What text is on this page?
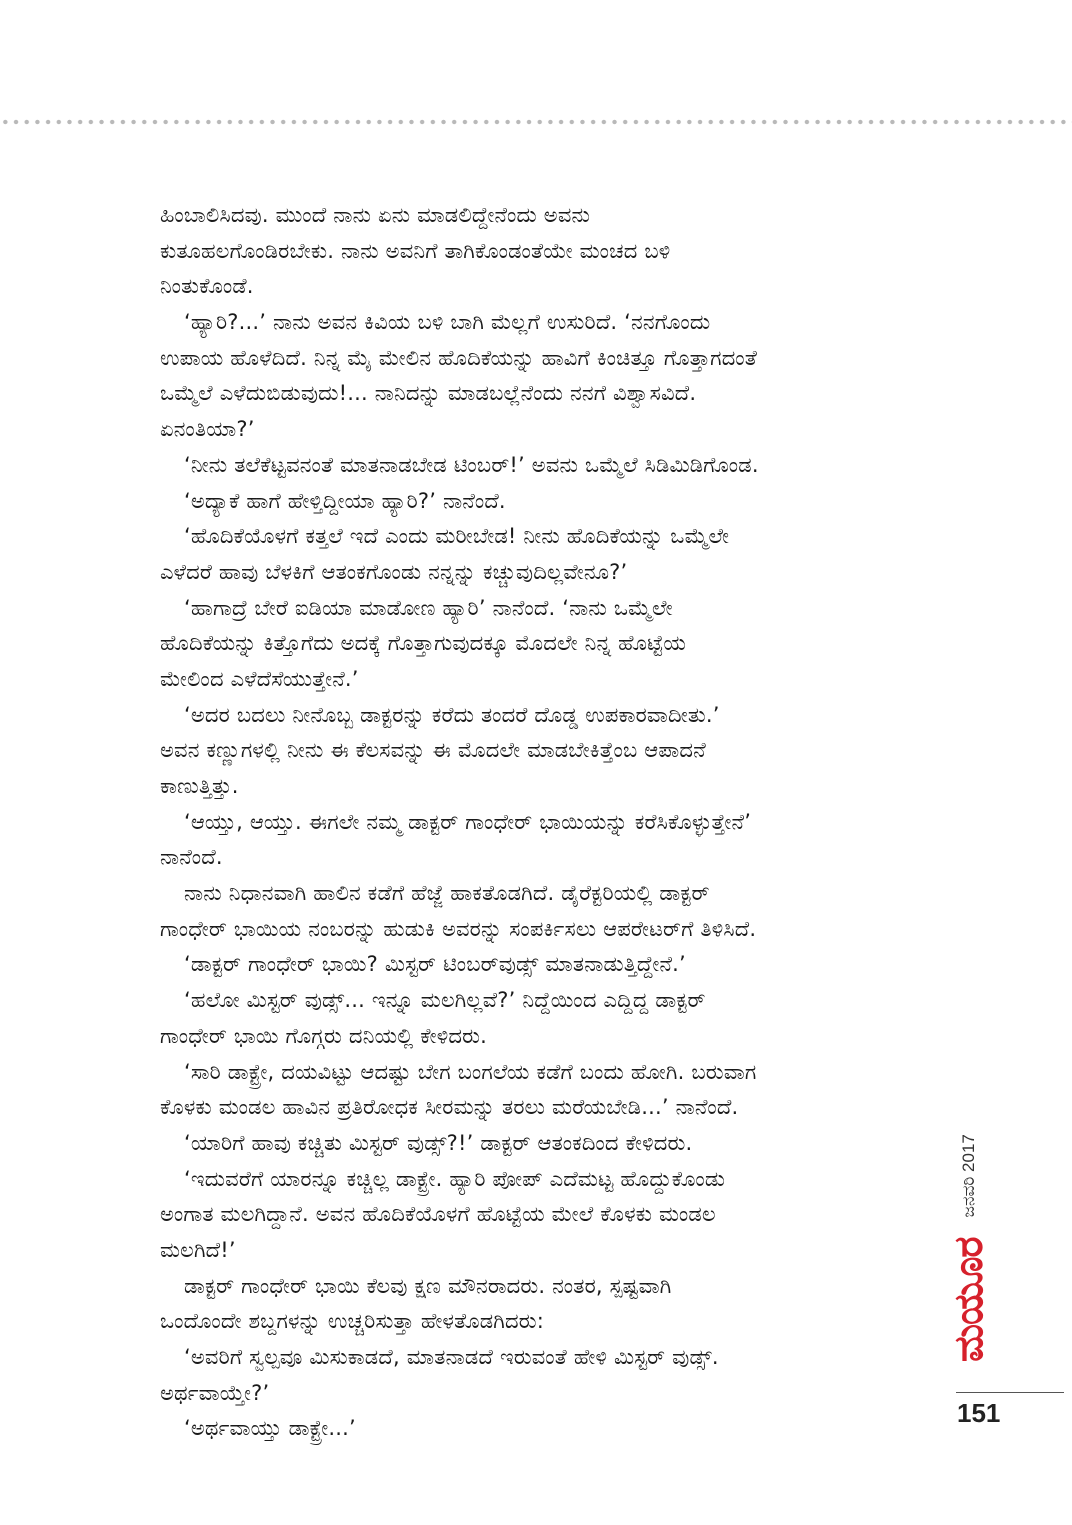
ಹಿಂಬಾಲಿಸಿದವು. ಮುಂದೆ ನಾನು ಏನು ಮಾಡಲಿದ್ದೇನೆಂದು ಅವನು
ಕುತೂಹಲಗೊಂಡಿರಬೇಕು. ನಾನು ಅವನಿಗೆ ತಾಗಿಕೊಂಡಂತೆಯೇ ಮಂಚದ ಬಳಿ
ನಿಂತುಕೊಂಡೆ.
‘ಹ್ಯಾರಿ?...’ ನಾನು ಅವನ ಕಿವಿಯ ಬಳಿ ಬಾಗಿ ಮೆಲ್ಲಗೆ ಉಸುರಿದೆ. ‘ನನಗೊಂದು
ಉಪಾಯ ಹೊಳೆದಿದೆ. ನಿನ್ನ ಮೈ ಮೇಲಿನ ಹೊದಿಕೆಯನ್ನು ಹಾವಿಗೆ ಕಿಂಚಿತ್ತೂ ಗೊತ್ತಾಗದಂತೆ
ಒಮ್ಮೆಲೆ ಎಳೆದುಬಿಡುವುದು!... ನಾನಿದನ್ನು ಮಾಡಬಲ್ಲೆನೆಂದು ನನಗೆ ವಿಶ್ವಾಸವಿದೆ.
ಏನಂತಿಯಾ?’
‘ನೀನು ತಲೆಕೆಟ್ಟವನಂತೆ ಮಾತನಾಡಬೇಡ ಟಿಂಬರ್!’ ಅವನು ಒಮ್ಮೆಲೆ ಸಿಡಿಮಿಡಿಗೊಂಡ.
‘ಅದ್ಯಾಕೆ ಹಾಗೆ ಹೇಳ್ತಿದ್ದೀಯಾ ಹ್ಯಾರಿ?’ ನಾನೆಂದೆ.
‘ಹೊದಿಕೆಯೊಳಗೆ ಕತ್ತಲೆ ಇದೆ ಎಂದು ಮರೀಬೇಡ! ನೀನು ಹೊದಿಕೆಯನ್ನು ಒಮ್ಮೆಲೇ
ಎಳೆದರೆ ಹಾವು ಬೆಳಕಿಗೆ ಆತಂಕಗೊಂಡು ನನ್ನನ್ನು ಕಚ್ಚುವುದಿಲ್ಲವೇನೂ?’
‘ಹಾಗಾದ್ರೆ ಬೇರೆ ಐಡಿಯಾ ಮಾಡೋಣ ಹ್ಯಾರಿ’ ನಾನೆಂದೆ. ‘ನಾನು ಒಮ್ಮೆಲೇ
ಹೊದಿಕೆಯನ್ನು ಕಿತ್ತೊಗೆದು ಅದಕ್ಕೆ ಗೊತ್ತಾಗುವುದಕ್ಕೂ ಮೊದಲೇ ನಿನ್ನ ಹೊಟ್ಟೆಯ
ಮೇಲಿಂದ ಎಳೆದೆಸೆಯುತ್ತೇನೆ.’
‘ಅದರ ಬದಲು ನೀನೊಬ್ಬ ಡಾಕ್ಟರನ್ನು ಕರೆದು ತಂದರೆ ದೊಡ್ಡ ಉಪಕಾರವಾದೀತು.’
ಅವನ ಕಣ್ಣುಗಳಲ್ಲಿ ನೀನು ಈ ಕೆಲಸವನ್ನು ಈ ಮೊದಲೇ ಮಾಡಬೇಕಿತ್ತೆಂಬ ಆಪಾದನೆ
ಕಾಣುತ್ತಿತ್ತು.
‘ಆಯ್ತು, ಆಯ್ತು. ಈಗಲೇ ನಮ್ಮ ಡಾಕ್ಟರ್ ಗಾಂಧೇರ್ ಭಾಯಿಯನ್ನು ಕರೆಸಿಕೊಳ್ಳುತ್ತೇನೆ’
ನಾನೆಂದೆ.
ನಾನು ನಿಧಾನವಾಗಿ ಹಾಲಿನ ಕಡೆಗೆ ಹೆಜ್ಜೆ ಹಾಕತೊಡಗಿದೆ. ಡೈರೆಕ್ಟರಿಯಲ್ಲಿ ಡಾಕ್ಟರ್
ಗಾಂಧೇರ್ ಭಾಯಿಯ ನಂಬರನ್ನು ಹುಡುಕಿ ಅವರನ್ನು ಸಂಪರ್ಕಿಸಲು ಆಪರೇಟರ್‌ಗೆ ತಿಳಿಸಿದೆ.
‘ಡಾಕ್ಟರ್ ಗಾಂಧೇರ್ ಭಾಯಿ? ಮಿಸ್ಟರ್ ಟಿಂಬರ್‌ವುಡ್ಸ್ ಮಾತನಾಡುತ್ತಿದ್ದೇನೆ.’
‘ಹಲೋ ಮಿಸ್ಟರ್ ವುಡ್ಸ್... ಇನ್ನೂ ಮಲಗಿಲ್ಲವೆ?’ ನಿದ್ದೆಯಿಂದ ಎದ್ದಿದ್ದ ಡಾಕ್ಟರ್
ಗಾಂಧೇರ್ ಭಾಯಿ ಗೊಗ್ಗರು ದನಿಯಲ್ಲಿ ಕೇಳಿದರು.
‘ಸಾರಿ ಡಾಕ್ಟ್ರೇ, ದಯವಿಟ್ಟು ಆದಷ್ಟು ಬೇಗ ಬಂಗಲೆಯ ಕಡೆಗೆ ಬಂದು ಹೋಗಿ. ಬರುವಾಗ
ಕೊಳಕು ಮಂಡಲ ಹಾವಿನ ಪ್ರತಿರೋಧಕ ಸೀರಮನ್ನು ತರಲು ಮರೆಯಬೇಡಿ...’ ನಾನೆಂದೆ.
‘ಯಾರಿಗೆ ಹಾವು ಕಚ್ಚಿತು ಮಿಸ್ಟರ್ ವುಡ್ಸ್?!’ ಡಾಕ್ಟರ್ ಆತಂಕದಿಂದ ಕೇಳಿದರು.
‘ಇದುವರೆಗೆ ಯಾರನ್ನೂ ಕಚ್ಚಿಲ್ಲ ಡಾಕ್ಟ್ರೇ. ಹ್ಯಾರಿ ಪೋಪ್ ಎದೆಮಟ್ಟ ಹೊದ್ದುಕೊಂಡು
ಅಂಗಾತ ಮಲಗಿದ್ದಾನೆ. ಅವನ ಹೊದಿಕೆಯೊಳಗೆ ಹೊಟ್ಟೆಯ ಮೇಲೆ ಕೊಳಕು ಮಂಡಲ
ಮಲಗಿದೆ!’
ಡಾಕ್ಟರ್ ಗಾಂಧೇರ್ ಭಾಯಿ ಕೆಲವು ಕ್ಷಣ ಮೌನರಾದರು. ನಂತರ, ಸ್ಪಷ್ಟವಾಗಿ
ಒಂದೊಂದೇ ಶಬ್ದಗಳನ್ನು ಉಚ್ಚರಿಸುತ್ತಾ ಹೇಳತೊಡಗಿದರು:
‘ಅವರಿಗೆ ಸ್ವಲ್ಪವೂ ಮಿಸುಕಾಡದೆ, ಮಾತನಾಡದೆ ಇರುವಂತೆ ಹೇಳಿ ಮಿಸ್ಟರ್ ವುಡ್ಸ್.
ಅರ್ಥವಾಯ್ತೇ?’
‘ಅರ್ಥವಾಯ್ತು ಡಾಕ್ಟ್ರೇ...’
ಮಯೂರ
ಜನವರಿ 2017
151
